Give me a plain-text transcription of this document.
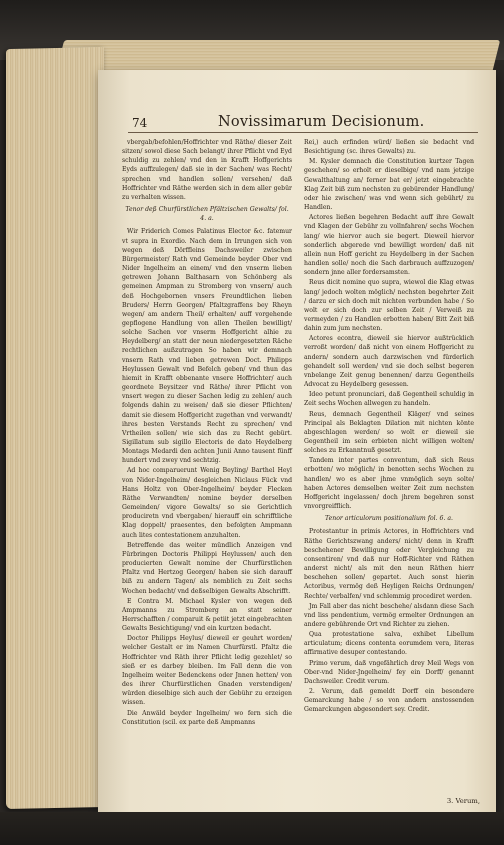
74	Novissimarum Decisionum.

vbergab/befohlen/Hoffrichter vnd Räthe/ dieser Zeit sitzen/ sowol diese Sach belangt/ ihrer Pflicht vnd Eyd schuldig zu zehlen/ vnd den in Krafft Hoffgerichts Eyds auffzulegen/ daß sie in der Sachen/ was Recht/ sprechen vnd handlen sollen/ versehen/ daß Hoffrichter vnd Räthe werden sich in dem aller gebür zu verhalten wissen.

Tenor deß Churfürstlichen Pfältzischen Gewalts/ fol. 4. a.

Wir Friderich Comes Palatinus Elector &c. fatemur vt supra in Exordio. Nach dem in Irrungen sich von wegen deß Dörffleins Dachsweiler zwischen Bürgermeister/ Rath vnd Gemeinde beyder Ober vnd Nider Ingelheim an einem/ vnd den vnserm lieben getrewen Johann Balthasarn von Schönberg als gemeinen Ampman zu Stromberg von vnsern/ auch deß Hochgebornen vnsers Freundtlichen lieben Bruders/ Herrn Georgen/ Pfaltzgraffens bey Rheyn wegen/ am andern Theil/ erhalten/ auff vorgehende gepflogene Handlung von allen Theilen bewilligt/ solche Sachen vor vnserm Hoffgericht alhie zu Heydelberg/ an statt der neun niedergesetzten Räche rechtlichen außzutragen So haben wir demnach vnsern Rath vnd lieben getrewen Doct. Philipps Heylussen Gewalt vnd Befelch geben/ vnd thun das hiemit in Krafft obbenante vnsere Hoffrichter/ auch geordnete Beysitzer vnd Räthe/ ihrer Pflicht von vnsert wegen zu dieser Sachen ledig zu zehlen/ auch folgends dahin zu weisen/ daß sie dieser Pflichten/ damit sie diesem Hoffgericht zugethan vnd verwandt/ ihres besten Verstands Recht zu sprechen/ vnd Vrtheilen sollen/ wie sich das zu Recht gebürt. Sigillatum sub sigillo Electoris de dato Heydelberg Montags Medardi den achten Junii Anno tausent fünff hundert vnd zwey vnd sechtzig.

Ad hoc comparuerunt Wenig Beyling/ Barthel Heyl von Nider-Ingelheim/ desgleichen Niclaus Fück vnd Hans Holtz von Ober-Ingelheim/ beyder Flecken Räthe Verwandten/ nomine beyder derselben Gemeinden/ vigore Gewalts/ so sie Gerichtlich produciretn vnd vbergaben/ hierauff ein schrifftliche Klag doppelt/ praesentes, den befolgten Ampmann auch lites contestationem anzuhalten.

Betreffende das weiter mündlich Anzeigen vnd Fürbringen Doctoris Philippi Heylussen/ auch den producierten Gewalt nomine der Churfürstlichen Pfaltz vnd Hertzog Georgen/ haben sie sich darauff biß zu andern Tagen/ als nemblich zu Zeit sechs Wochen bedacht/ vnd deßselbigen Gewalts Abschrifft.

E Contra M. Michael Kysler von wegen deß Ampmanns zu Stromberg an statt seiner Herrschafften / comparuit & petiit jetzt eingebrachten Gewalts Besichtigung/ vnd ein kurtzen bedacht.

Doctor Philipps Heylus/ dieweil er geuhrt worden/ welcher Gestalt er im Namen Churfürstl. Pfaltz die Hoffrichter vnd Räth ihrer Pflicht ledig gezehlet/ so sieß er es darbey bleiben. Im Fall denn die von Ingelheim weiter Bedenckens oder Jnnen hetten/ von des ihrer Churfürstlichen Gnaden verstendigen/ würden dieselbige sich auch der Gebühr zu erzeigen wissen.

Die Anwäld beyder Ingelheim/ wo fern sich die Constitution (scil. ex parte deß Ampmanns

Rei,) auch erfinden würd/ ließen sie bedacht vnd Besichtigung (sc. ihres Gewalts) zu.

M. Kysler demnach die Constitution kurtzer Tagen geschehen/ so erholt er dieselbige/ vnd nam jetzige Gewalthaltung an/ ferner bat er/ jetzt eingebrachte Klag Zeit biß zum nechsten zu gebürender Handlung/ oder hie zwischen/ was vnd wenn sich gebührt/ zu Handlen.

Actores ließen begehren Bedacht auff ihre Gewalt vnd Klagen der Gebühr zu vollnfahren/ sechs Wochen lang/ wie hiervor auch sie begert. Dieweil hiervor sonderlich abgerede vnd bewilligt worden/ daß nit allein nun Hoff gericht zu Heydelberg in der Sachen handlen solle/ noch die Sach darbrauch auffzuzogen/ sondern jnne aller fordersamsten.

Reus dicit nomine quo supra, wiewol die Klag etwas lang/ jedoch wolten möglich/ nechsten begehrter Zeit / darzu er sich doch mit nichten verbunden habe / So wolt er sich doch zur selben Zeit / Verweiß zu vermeyden / zu Handlen erbotten haben/ Bitt Zeit biß dahin zum jum nechsten.

Actores econtra, dieweil sie hiervor außtrücklich verroßt worden/ daß nicht von einem Hoffgericht zu andern/ sondern auch darzwischen vnd fürderlich gehandelt soll werden/ vnd sie doch selbst begeren vnbelange Zeit genug benennen/ darzu Gegentheils Advocat zu Heydelberg gesessen.

Ideo petunt pronunciari, daß Gegentheil schuldig in Zeit sechs Wochen allwegen zu handeln.

Reus, demnach Gegentheil Kläger/ vnd seines Principal als Beklagten Dilation mit nichten könte abgeschlagen werden/ so wolt er dieweil sie Gegentheil im sein erbieten nicht willigen wolten/ solches zu Erkanntnuß gesetzt.

Tandem inter partes conventum, daß sich Reus erbotten/ wo möglich/ in benotten sechs Wochen zu handlen/ wo es aber jhme vnmöglich seyn solte/ haben Actores demselben weiter Zeit zum nechsten Hoffgericht ingelassen/ doch jhrem begehren sonst vnvorgreifflich.

Tenor articulorum positionalium fol. 6. a.

Protestantur in primis Actores, in Hoffrichters vnd Räthe Gerichtszwang anders/ nicht/ denn in Krafft beschehener Bewilligung oder Vergleichung zu consentiren/ vnd daß nur Hoff-Richter vnd Räthen anderst nicht/ als mit den neun Räthen hierr beschehen sollen/ gepartet. Auch sonst hierin Actoribus, vermög deß Heyligen Reichs Ordnungen/ Rechte/ verbalfen/ vnd schlemmig procediret werden.

Jm Fall aber das nicht beschehe/ alsdann diese Sach vnd liss pendentium, vermög ermelter Ordnungen an andere gebührende Ort vnd Richter zu ziehen.

Qua protestatione salva, exhibet Libellum articulatum; dicens contenta eorumdem vera, literas affirmative desuper contestando.

Primo verum, daß vngefährlich drey Meil Wegs von Ober-vnd Nider-Jngelheim/ fey ein Dorff/ genannt Dachsweiler. Credit verum.

2. Verum, daß gemeldt Dorff ein besondere Gemarckung habe / so von andern anstossenden Gemarckungen abgesondert sey. Credit.

3. Verum,
